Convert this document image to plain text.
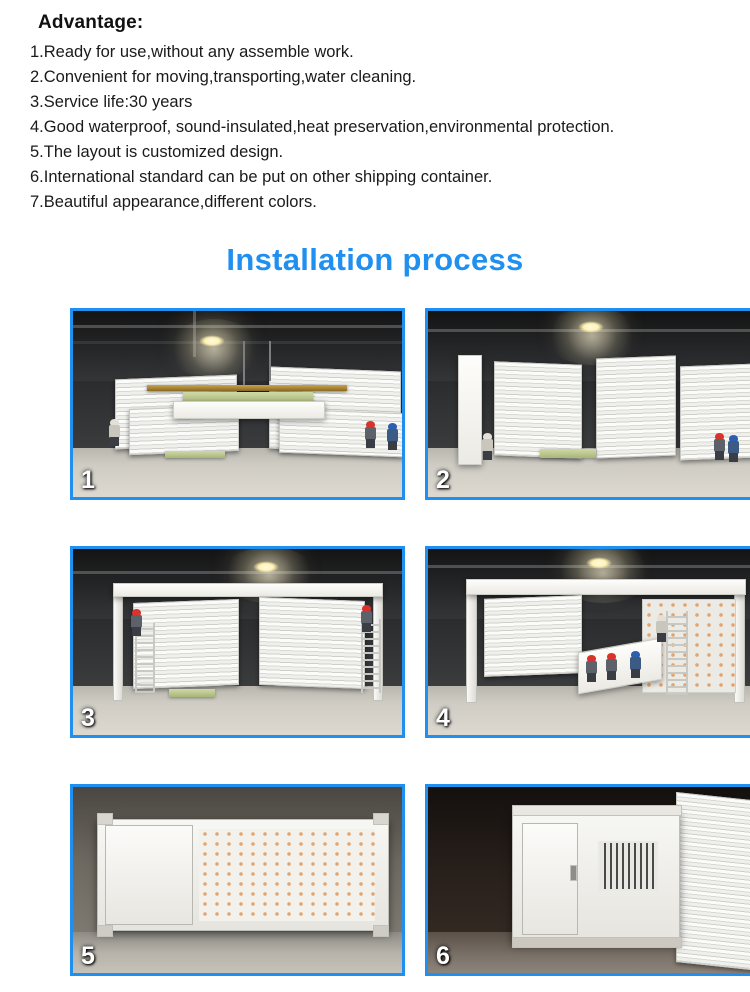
Advantage:
1.Ready for use,without any assemble work.
2.Convenient for moving,transporting,water cleaning.
3.Service life:30 years
4.Good waterproof, sound-insulated,heat preservation,environmental protection.
5.The layout is customized design.
6.International standard can be put on other shipping container.
7.Beautiful appearance,different colors.
Installation process
1	2
3	4
5	6
